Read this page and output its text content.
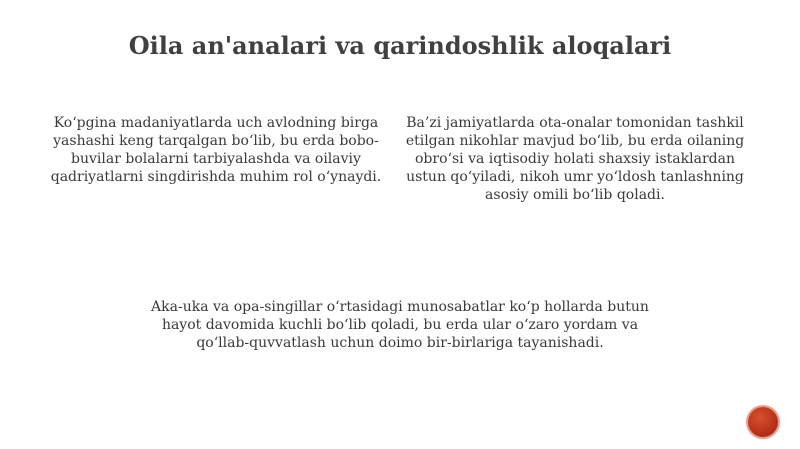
Oila an'analari va qarindoshlik aloqalari

Ko‘pgina madaniyatlarda uch avlodning birga yashashi keng tarqalgan bo‘lib, bu erda bobo-buvilar bolalarni tarbiyalashda va oilaviy qadriyatlarni singdirishda muhim rol o‘ynaydi.

Ba’zi jamiyatlarda ota-onalar tomonidan tashkil etilgan nikohlar mavjud bo‘lib, bu erda oilaning obro‘si va iqtisodiy holati shaxsiy istaklardan ustun qo‘yiladi, nikoh umr yo‘ldosh tanlashning asosiy omili bo‘lib qoladi.

Aka-uka va opa-singillar o‘rtasidagi munosabatlar ko‘p hollarda butun hayot davomida kuchli bo‘lib qoladi, bu erda ular o‘zaro yordam va qo‘llab-quvvatlash uchun doimo bir-birlariga tayanishadi.
